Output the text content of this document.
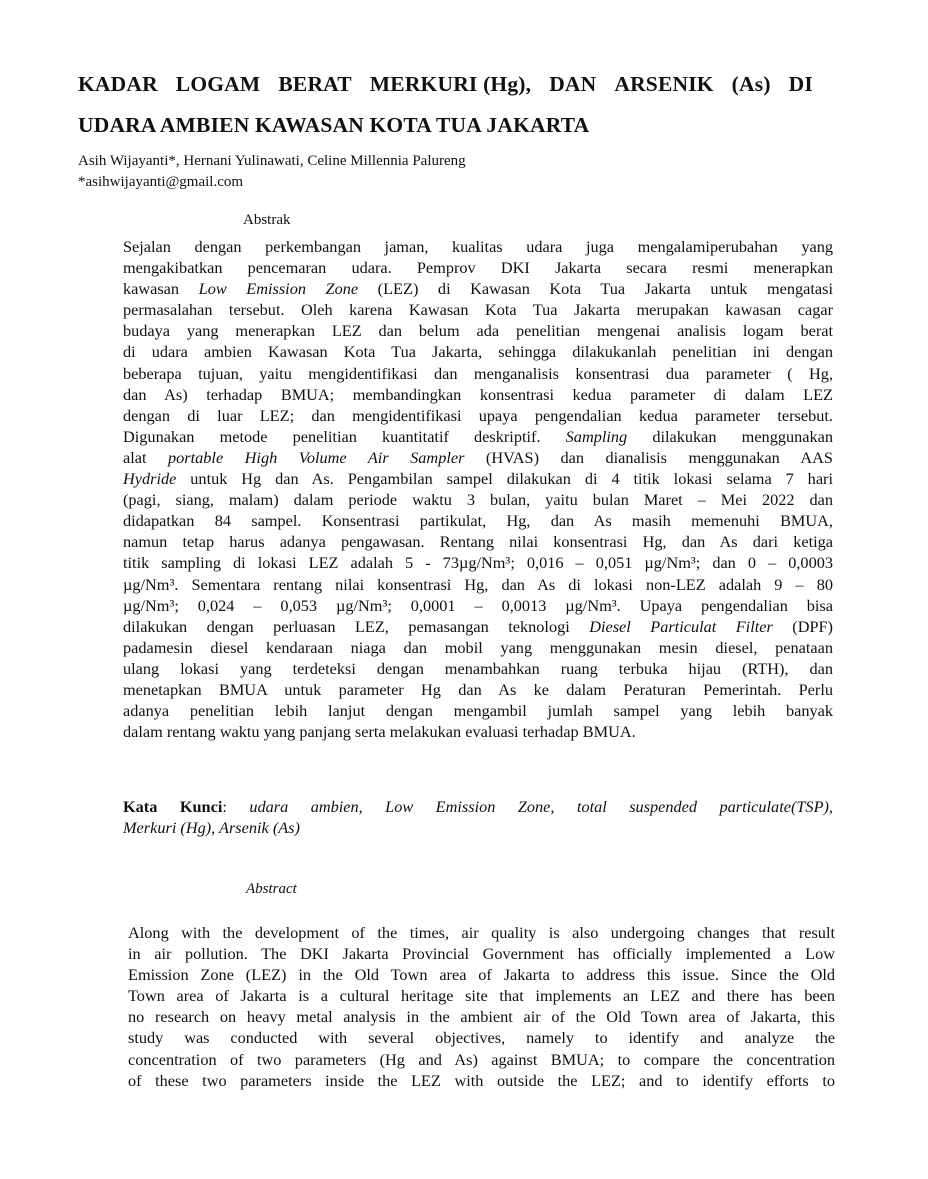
KADAR LOGAM BERAT MERKURI (Hg), DAN ARSENIK (As) DI
UDARA AMBIEN KAWASAN KOTA TUA JAKARTA
Asih Wijayanti*, Hernani Yulinawati, Celine Millennia Palureng
*asihwijayanti@gmail.com
Abstrak
Sejalan dengan perkembangan jaman, kualitas udara juga mengalamiperubahan yang
mengakibatkan pencemaran udara. Pemprov DKI Jakarta secara resmi menerapkan
kawasan Low Emission Zone (LEZ) di Kawasan Kota Tua Jakarta untuk mengatasi
permasalahan tersebut. Oleh karena Kawasan Kota Tua Jakarta merupakan kawasan cagar
budaya yang menerapkan LEZ dan belum ada penelitian mengenai analisis logam berat
di udara ambien Kawasan Kota Tua Jakarta, sehingga dilakukanlah penelitian ini dengan
beberapa tujuan, yaitu mengidentifikasi dan menganalisis konsentrasi dua parameter ( Hg,
dan As) terhadap BMUA; membandingkan konsentrasi kedua parameter di dalam LEZ
dengan di luar LEZ; dan mengidentifikasi upaya pengendalian kedua parameter tersebut.
Digunakan metode penelitian kuantitatif deskriptif. Sampling dilakukan menggunakan
alat portable High Volume Air Sampler (HVAS) dan dianalisis menggunakan AAS
Hydride untuk Hg dan As. Pengambilan sampel dilakukan di 4 titik lokasi selama 7 hari
(pagi, siang, malam) dalam periode waktu 3 bulan, yaitu bulan Maret – Mei 2022 dan
didapatkan 84 sampel. Konsentrasi partikulat, Hg, dan As masih memenuhi BMUA,
namun tetap harus adanya pengawasan. Rentang nilai konsentrasi Hg, dan As dari ketiga
titik sampling di lokasi LEZ adalah 5 - 73µg/Nm³; 0,016 – 0,051 µg/Nm³; dan 0 – 0,0003
µg/Nm³. Sementara rentang nilai konsentrasi Hg, dan As di lokasi non-LEZ adalah 9 – 80
µg/Nm³; 0,024 – 0,053 µg/Nm³; 0,0001 – 0,0013 µg/Nm³. Upaya pengendalian bisa
dilakukan dengan perluasan LEZ, pemasangan teknologi Diesel Particulat Filter (DPF)
padamesin diesel kendaraan niaga dan mobil yang menggunakan mesin diesel, penataan
ulang lokasi yang terdeteksi dengan menambahkan ruang terbuka hijau (RTH), dan
menetapkan BMUA untuk parameter Hg dan As ke dalam Peraturan Pemerintah. Perlu
adanya penelitian lebih lanjut dengan mengambil jumlah sampel yang lebih banyak
dalam rentang waktu yang panjang serta melakukan evaluasi terhadap BMUA.
Kata Kunci: udara ambien, Low Emission Zone, total suspended particulate(TSP),
Merkuri (Hg), Arsenik (As)
Abstract
Along with the development of the times, air quality is also undergoing changes that result
in air pollution. The DKI Jakarta Provincial Government has officially implemented a Low
Emission Zone (LEZ) in the Old Town area of Jakarta to address this issue. Since the Old
Town area of Jakarta is a cultural heritage site that implements an LEZ and there has been
no research on heavy metal analysis in the ambient air of the Old Town area of Jakarta, this
study was conducted with several objectives, namely to identify and analyze the
concentration of two parameters (Hg and As) against BMUA; to compare the concentration
of these two parameters inside the LEZ with outside the LEZ; and to identify efforts to
